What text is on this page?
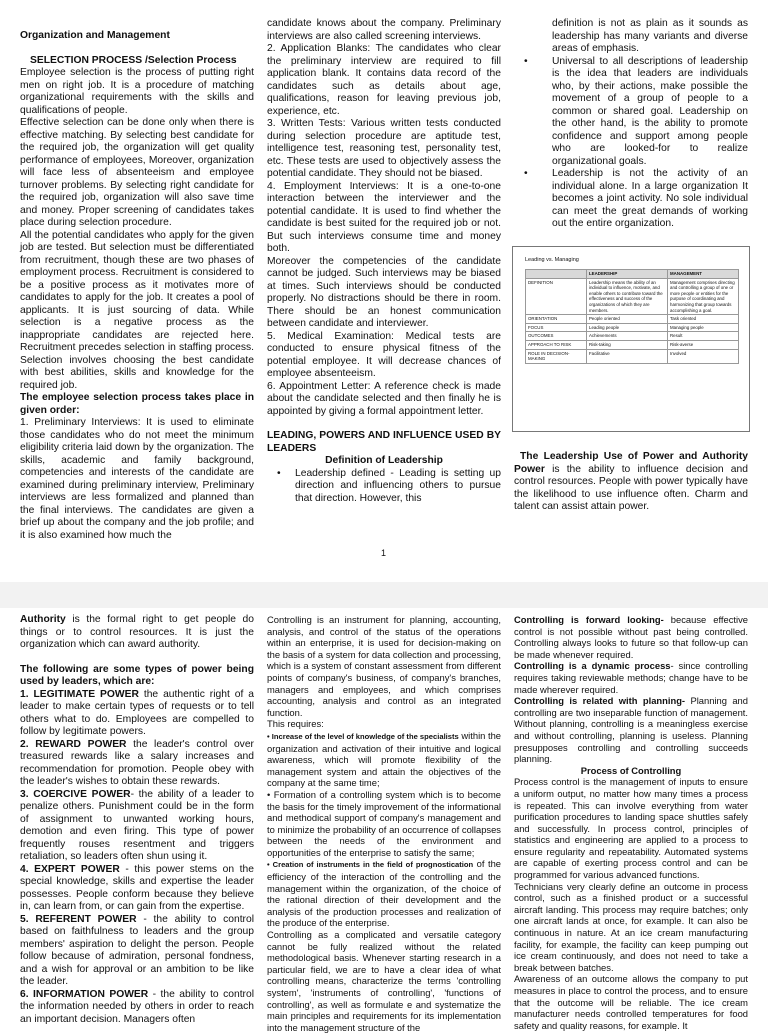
Organization and Management

SELECTION PROCESS /Selection Process

Employee selection is the process of putting right men on right job. It is a procedure of matching organizational requirements with the skills and qualifications of people.

Effective selection can be done only when there is effective matching. By selecting best candidate for the required job, the organization will get quality performance of employees, Moreover, organization will face less of absenteeism and employee turnover problems. By selecting right candidate for the required job, organization will also save time and money. Proper screening of candidates takes place during selection procedure.

All the potential candidates who apply for the given job are tested. But selection must be differentiated from recruitment, though these are two phases of employment process. Recruitment is considered to be a positive process as it motivates more of candidates to apply for the job. It creates a pool of applicants. It is just sourcing of data. While selection is a negative process as the inappropriate candidates are rejected here. Recruitment precedes selection in staffing process. Selection involves choosing the best candidate with best abilities, skills and knowledge for the required job.

The employee selection process takes place in given order:

1. Preliminary Interviews: It is used to eliminate those candidates who do not meet the minimum eligibility criteria laid down by the organization. The skills, academic and family background, competencies and interests of the candidate are examined during preliminary interview, Preliminary interviews are less formalized and planned than the final interviews. The candidates are given a brief up about the company and the job profile; and it is also examined how much the

candidate knows about the company. Preliminary interviews are also called screening interviews.

2. Application Blanks: The candidates who clear the preliminary interview are required to fill application blank. It contains data record of the candidates such as details about age, qualifications, reason for leaving previous job, experience, etc.

3. Written Tests: Various written tests conducted during selection procedure are aptitude test, intelligence test, reasoning test, personality test, etc. These tests are used to objectively assess the potential candidate. They should not be biased.

4. Employment Interviews: It is a one-to-one interaction between the interviewer and the potential candidate. It is used to find whether the candidate is best suited for the required job or not. But such interviews consume time and money both.

Moreover the competencies of the candidate cannot be judged. Such interviews may be biased at times. Such interviews should be conducted properly. No distractions should be there in room. There should be an honest communication between candidate and interviewer.

5. Medical Examination: Medical tests are conducted to ensure physical fitness of the potential employee. It will decrease chances of employee absenteeism.

6. Appointment Letter: A reference check is made about the candidate selected and then finally he is appointed by giving a formal appointment letter.

LEADING, POWERS AND INFLUENCE USED BY LEADERS

Definition of Leadership

• Leadership defined - Leading is setting up direction and influencing others to pursue that direction. However, this

definition is not as plain as it sounds as leadership has many variants and diverse areas of emphasis.

• Universal to all descriptions of leadership is the idea that leaders are individuals who, by their actions, make possible the movement of a group of people to a common or shared goal. Leadership on the other hand, is the ability to promote confidence and support among people who are looked-for to realize organizational goals.

• Leadership is not the activity of an individual alone. In a large organization It becomes a joint activity. No sole individual can meet the great demands of working out the entire organization.

Leading vs. Managing
	LEADERSHIP	MANAGEMENT
DEFINITION	Leadership means the ability of an individual to influence, motivate, and enable others to contribute toward the effectiveness and success of the organizations of which they are members.	Management comprises directing and controlling a group of one or more people or entities for the purpose of coordinating and harmonizing that group towards accomplishing a goal.
ORIENTATION	People oriented	Task oriented
FOCUS	Leading people	Managing people
OUTCOMES	Achievements	Result
APPROACH TO RISK	Risk-taking	Risk-averse
ROLE IN DECISION-MAKING	Facilitative	Involved

The Leadership Use of Power and Authority Power is the ability to influence decision and control resources. People with power typically have the likelihood to use influence often. Charm and talent can assist attain power.

1

Authority is the formal right to get people do things or to control resources. It is just the organization which can award authority.

The following are some types of power being used by leaders, which are:

1. LEGITIMATE POWER the authentic right of a leader to make certain types of requests or to tell others what to do. Employees are compelled to follow by legitimate powers.

2. REWARD POWER the leader's control over treasured rewards like a salary increases and recommendation for promotion. People obey with the leader's wishes to obtain these rewards.

3. COERCIVE POWER- the ability of a leader to penalize others. Punishment could be in the form of assignment to unwanted working hours, demotion and even firing. This type of power frequently rouses resentment and triggers retaliation, so leaders often shun using it.

4. EXPERT POWER - this power stems on the special knowledge, skills and expertise the leader possesses. People conform because they believe in, can learn from, or can gain from the expertise.

5. REFERENT POWER - the ability to control based on faithfulness to leaders and the group members' aspiration to delight the person. People follow because of admiration, personal fondness, and a wish for approval or an ambition to be like the leader.

6. INFORMATION POWER - the ability to control the information needed by others in order to reach an important decision. Managers often

Controlling is an instrument for planning, accounting, analysis, and control of the status of the operations within an enterprise, it is used for decision-making on the basis of a system for data collection and processing, which is a system of constant assessment from different points of company's business, of company's branches, managers and employees, and which comprises accounting, analysis and control as an integrated function.

This requires:

• Increase of the level of knowledge of the specialists within the organization and activation of their intuitive and logical awareness, which will promote flexibility of the management system and attain the objectives of the company at the same time;

• Formation of a controlling system which is to become the basis for the timely improvement of the informational and methodical support of company's management and to minimize the probability of an occurrence of collapses between the needs of the environment and opportunities of the enterprise to satisfy the same;

• Creation of instruments in the field of prognostication of the efficiency of the interaction of the controlling and the management within the organization, of the choice of the rational direction of their development and the analysis of the production processes and realization of the produce of the enterprise.

Controlling as a complicated and versatile category cannot be fully realized without the related methodological basis. Whenever starting research in a particular field, we are to have a clear idea of what controlling means, characterize the terms 'controlling system', 'instruments of controlling', 'functions of controlling', as well as formulate e and systematize the main principles and requirements for its implementation into the management structure of the

Controlling is forward looking- because effective control is not possible without past being controlled. Controlling always looks to future so that follow-up can be made whenever required.

Controlling is a dynamic process- since controlling requires taking reviewable methods; change have to be made wherever required.

Controlling is related with planning- Planning and controlling are two inseparable function of management. Without planning, controlling is a meaningless exercise and without controlling, planning is useless. Planning presupposes controlling and controlling succeeds planning.

Process of Controlling

Process control is the management of inputs to ensure a uniform output, no matter how many times a process is repeated. This can involve everything from water purification procedures to landing space shuttles safely and successfully. In process control, principles of statistics and engineering are applied to a process to ensure regularity and repeatability. Automated systems are capable of exerting process control and can be programmed for various advanced functions.

Technicians very clearly define an outcome in process control, such as a finished product or a successful aircraft landing. This process may require batches; only one aircraft lands at once, for example. It can also be continuous in nature. At an ice cream manufacturing facility, for example, the facility can keep pumping out ice cream continuously, and does not need to take a break between batches.

Awareness of an outcome allows the company to put measures in place to control the process, and to ensure that the outcome will be reliable. The ice cream manufacturer needs controlled temperatures for food safety and quality reasons, for example. It
